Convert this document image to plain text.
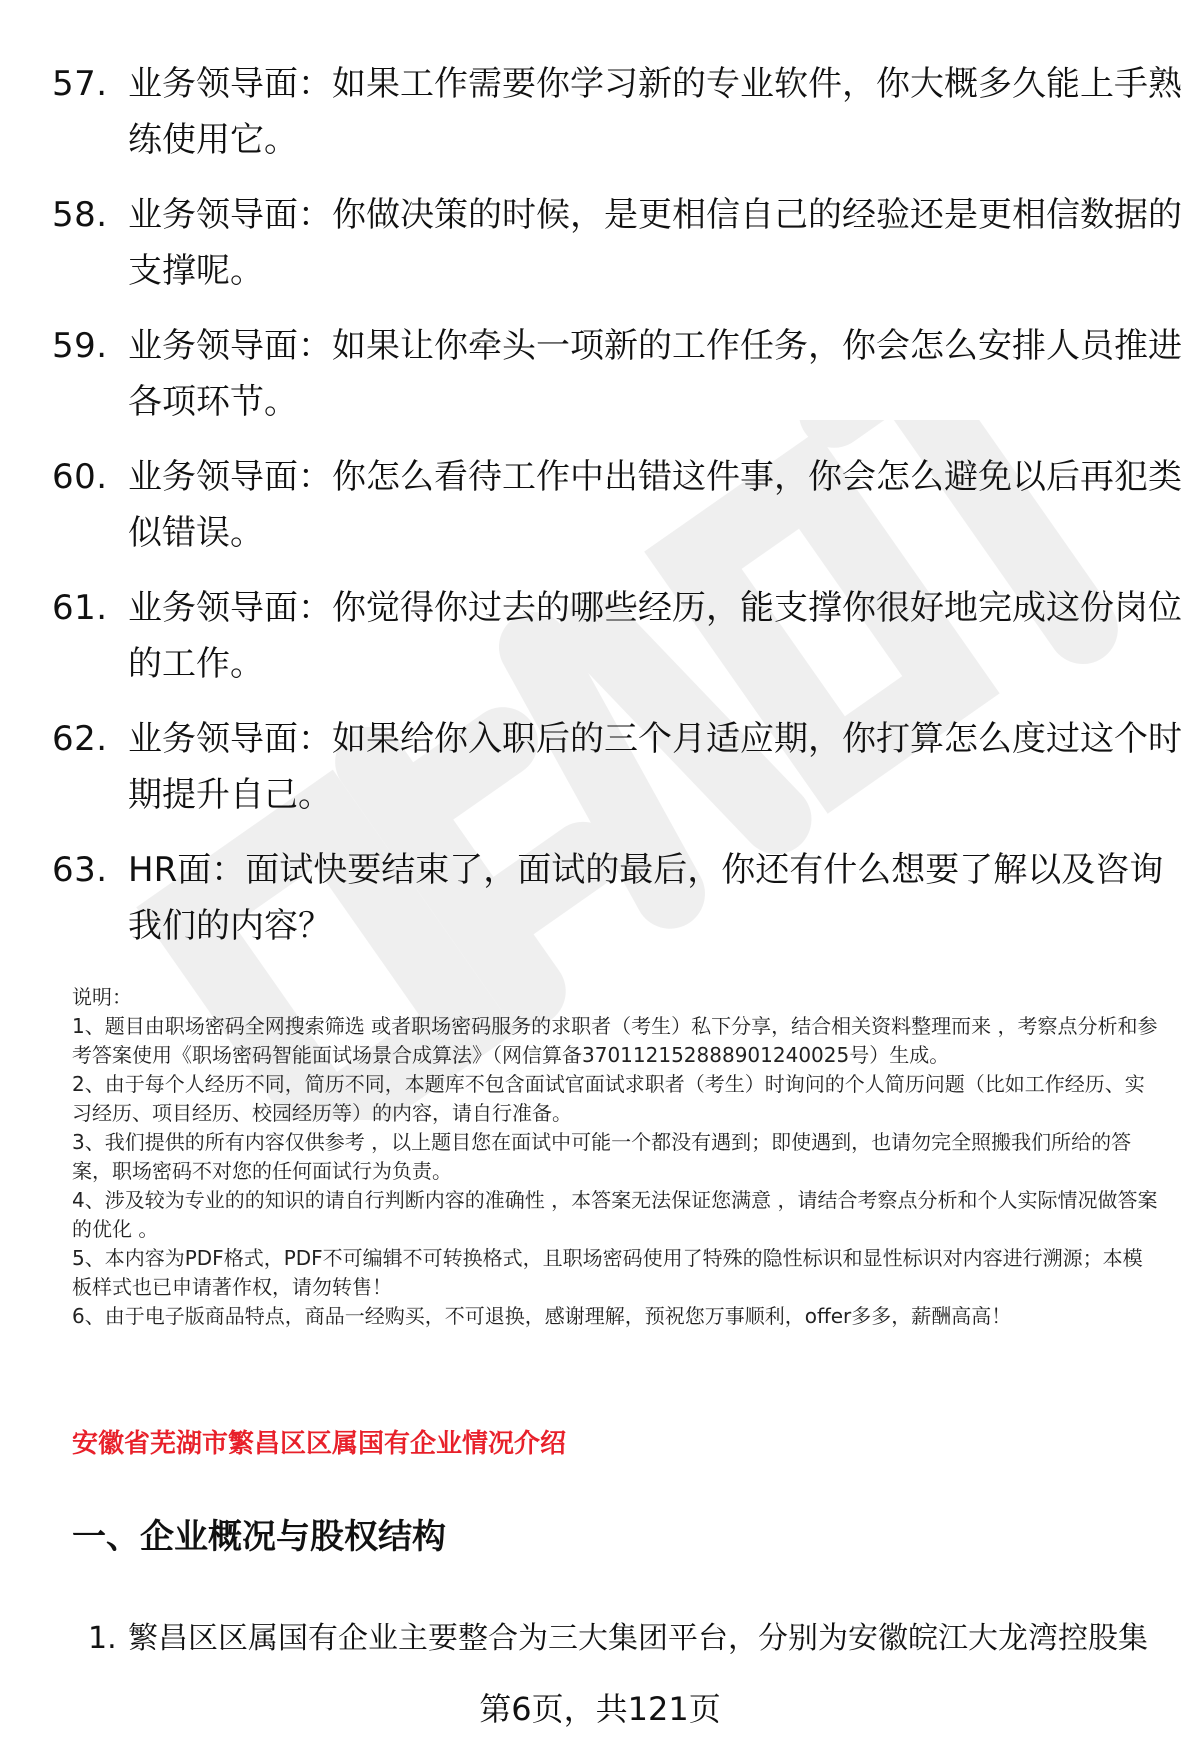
57. 业务领导面：如果工作需要你学习新的专业软件，你大概多久能上手熟练使用它。
58. 业务领导面：你做决策的时候，是更相信自己的经验还是更相信数据的支撑呢。
59. 业务领导面：如果让你牵头一项新的工作任务，你会怎么安排人员推进各项环节。
60. 业务领导面：你怎么看待工作中出错这件事，你会怎么避免以后再犯类似错误。
61. 业务领导面：你觉得你过去的哪些经历，能支撑你很好地完成这份岗位的工作。
62. 业务领导面：如果给你入职后的三个月适应期，你打算怎么度过这个时期提升自己。
63. HR面：面试快要结束了，面试的最后，你还有什么想要了解以及咨询我们的内容？

说明：

1、题目由职场密码全网搜索筛选 或者职场密码服务的求职者（考生）私下分享，结合相关资料整理而来 ，考察点分析和参考答案使用《职场密码智能面试场景合成算法》（网信算备370112152888901240025号）生成。

2、由于每个人经历不同，简历不同，本题库不包含面试官面试求职者（考生）时询问的个人简历问题（比如工作经历、实习经历、项目经历、校园经历等）的内容，请自行准备。

3、我们提供的所有内容仅供参考 ，以上题目您在面试中可能一个都没有遇到；即使遇到，也请勿完全照搬我们所给的答案，职场密码不对您的任何面试行为负责。

4、涉及较为专业的的知识的请自行判断内容的准确性 ，本答案无法保证您满意 ，请结合考察点分析和个人实际情况做答案的优化 。

5、本内容为PDF格式，PDF不可编辑不可转换格式，且职场密码使用了特殊的隐性标识和显性标识对内容进行溯源；本模板样式也已申请著作权，请勿转售！

6、由于电子版商品特点，商品一经购买，不可退换，感谢理解，预祝您万事顺利，offer多多，薪酬高高！

安徽省芜湖市繁昌区区属国有企业情况介绍
一、企业概况与股权结构
1. 繁昌区区属国有企业主要整合为三大集团平台，分别为安徽皖江大龙湾控股集
第6页，共121页
